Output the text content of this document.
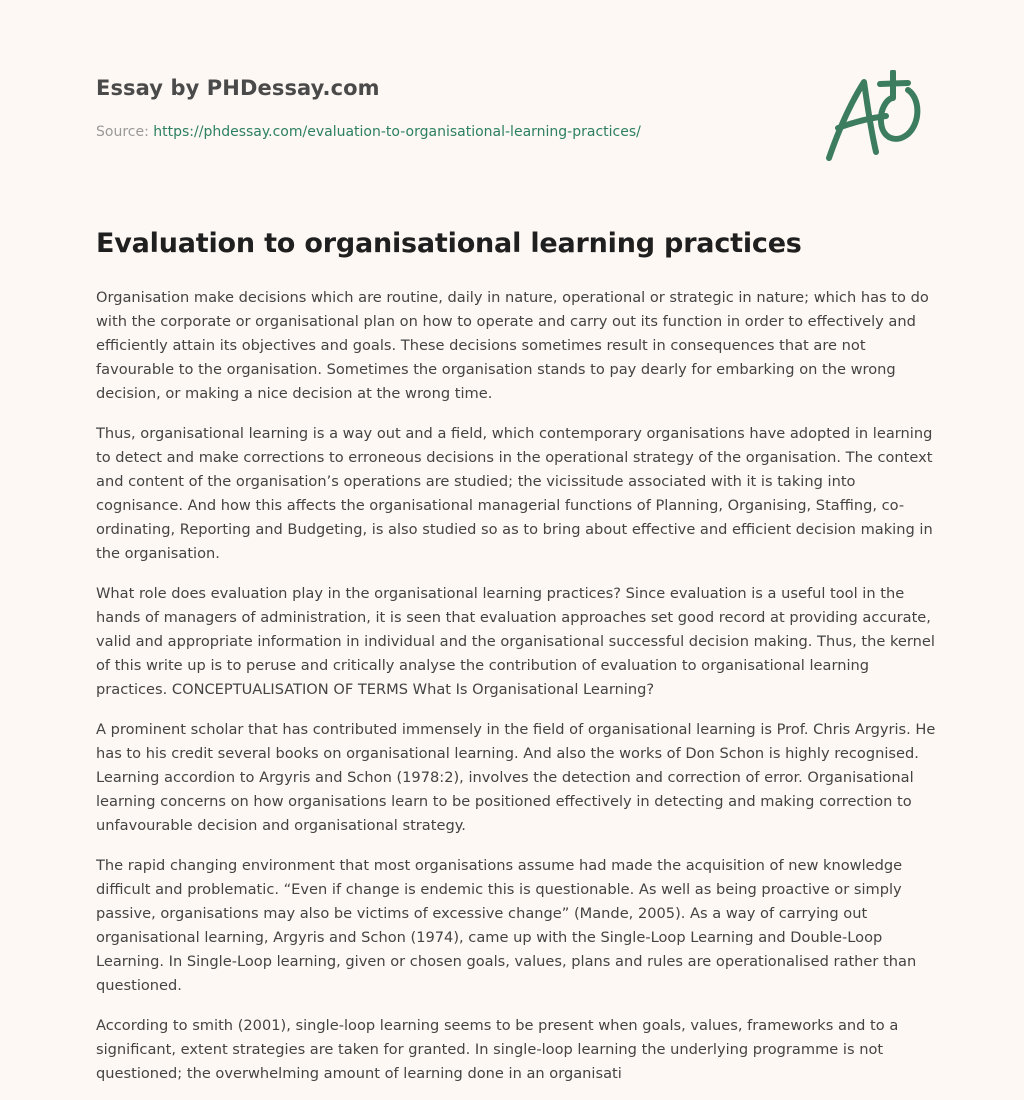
Essay by PHDessay.com
Source: https://phdessay.com/evaluation-to-organisational-learning-practices/
Evaluation to organisational learning practices

Organisation make decisions which are routine, daily in nature, operational or strategic in nature; which has to do with the corporate or organisational plan on how to operate and carry out its function in order to effectively and efficiently attain its objectives and goals. These decisions sometimes result in consequences that are not favourable to the organisation. Sometimes the organisation stands to pay dearly for embarking on the wrong decision, or making a nice decision at the wrong time.

Thus, organisational learning is a way out and a field, which contemporary organisations have adopted in learning to detect and make corrections to erroneous decisions in the operational strategy of the organisation. The context and content of the organisation’s operations are studied; the vicissitude associated with it is taking into cognisance. And how this affects the organisational managerial functions of Planning, Organising, Staffing, co-ordinating, Reporting and Budgeting, is also studied so as to bring about effective and efficient decision making in the organisation.

What role does evaluation play in the organisational learning practices? Since evaluation is a useful tool in the hands of managers of administration, it is seen that evaluation approaches set good record at providing accurate, valid and appropriate information in individual and the organisational successful decision making. Thus, the kernel of this write up is to peruse and critically analyse the contribution of evaluation to organisational learning practices. CONCEPTUALISATION OF TERMS What Is Organisational Learning?

A prominent scholar that has contributed immensely in the field of organisational learning is Prof. Chris Argyris. He has to his credit several books on organisational learning. And also the works of Don Schon is highly recognised. Learning accordion to Argyris and Schon (1978:2), involves the detection and correction of error. Organisational learning concerns on how organisations learn to be positioned effectively in detecting and making correction to unfavourable decision and organisational strategy.

The rapid changing environment that most organisations assume had made the acquisition of new knowledge difficult and problematic. “Even if change is endemic this is questionable. As well as being proactive or simply passive, organisations may also be victims of excessive change” (Mande, 2005). As a way of carrying out organisational learning, Argyris and Schon (1974), came up with the Single-Loop Learning and Double-Loop Learning. In Single-Loop learning, given or chosen goals, values, plans and rules are operationalised rather than questioned.

According to smith (2001), single-loop learning seems to be present when goals, values, frameworks and to a significant, extent strategies are taken for granted. In single-loop learning the underlying programme is not questioned; the overwhelming amount of learning done in an organisati
